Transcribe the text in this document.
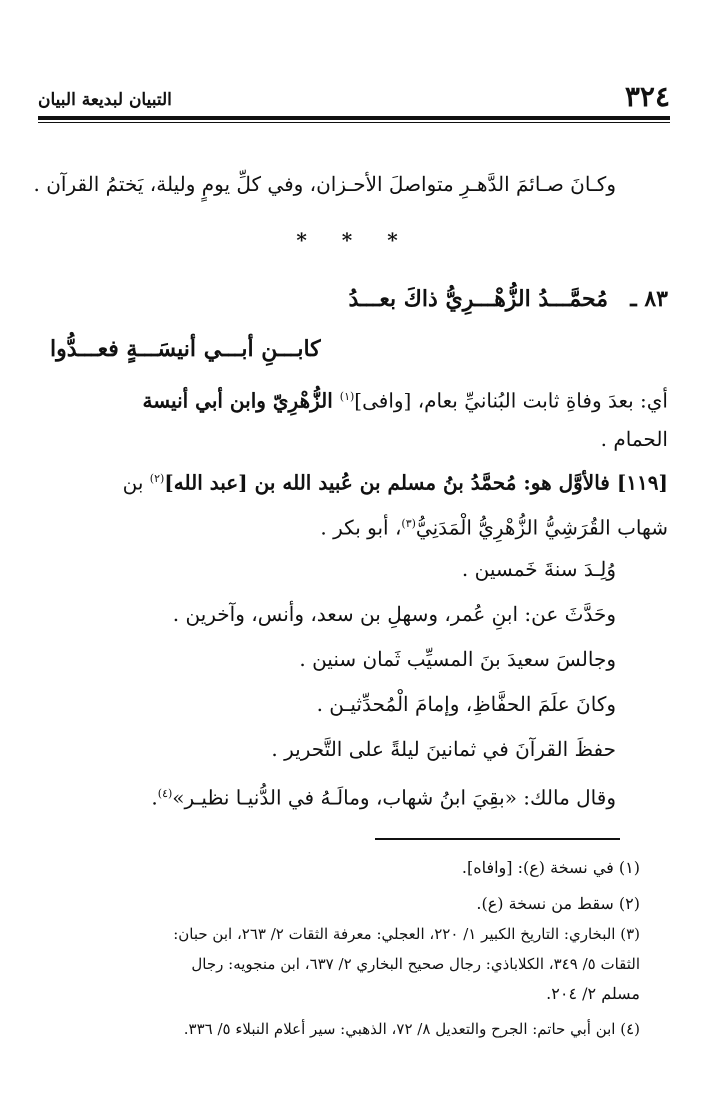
٣٢٤
التبيان لبديعة البيان
وكـانَ صـائمَ الدَّهـرِ متواصلَ الأحـزان، وفي كلِّ يومٍ وليلة، يَختمُ القرآن .
* * *
٨٣ ـ
مُحمَّـــدُ الزُّهْـــرِيُّ ذاكَ بعـــدُ
كابـــنِ أبـــي أنيسَـــةٍ فعـــدُّوا
أي: بعدَ وفاةِ ثابت البُنانيِّ بعام، [وافى]$^{(١)}$ الزُّهْرِيّ وابن أبي أنيسة
الحمام .
[١١٩] فالأوَّل هو: مُحمَّدُ بنُ مسلم بن عُبيد الله بن [عبد الله]$^{(٢)}$ بن
شهاب القُرَشِيُّ الزُّهْرِيُّ الْمَدَنِيُّ$^{(٣)}$، أبو بكر .
وُلِـدَ سنةَ خَمسين .
وحَدَّثَ عن: ابنِ عُمر، وسهلِ بن سعد، وأنس، وآخرين .
وجالسَ سعيدَ بنَ المسيِّب ثَمان سنين .
وكانَ علَمَ الحفَّاظِ، وإمامَ الْمُحدِّثيـن .
حفظَ القرآنَ في ثمانينَ ليلةً على التَّحرير .
وقال مالك: «بقِيَ ابنُ شهاب، ومالَـهُ في الدُّنيـا نظيـر»$^{(٤)}$.
(١) في نسخة (ع): [وافاه].
(٢) سقط من نسخة (ع).
(٣) البخاري: التاريخ الكبير ١/ ٢٢٠، العجلي: معرفة الثقات ٢/ ٢٦٣، ابن حبان:
الثقات ٥/ ٣٤٩، الكلاباذي: رجال صحيح البخاري ٢/ ٦٣٧، ابن منجويه: رجال
مسلم ٢/ ٢٠٤.
(٤) ابن أبي حاتم: الجرح والتعديل ٨/ ٧٢، الذهبي: سير أعلام النبلاء ٥/ ٣٣٦.
